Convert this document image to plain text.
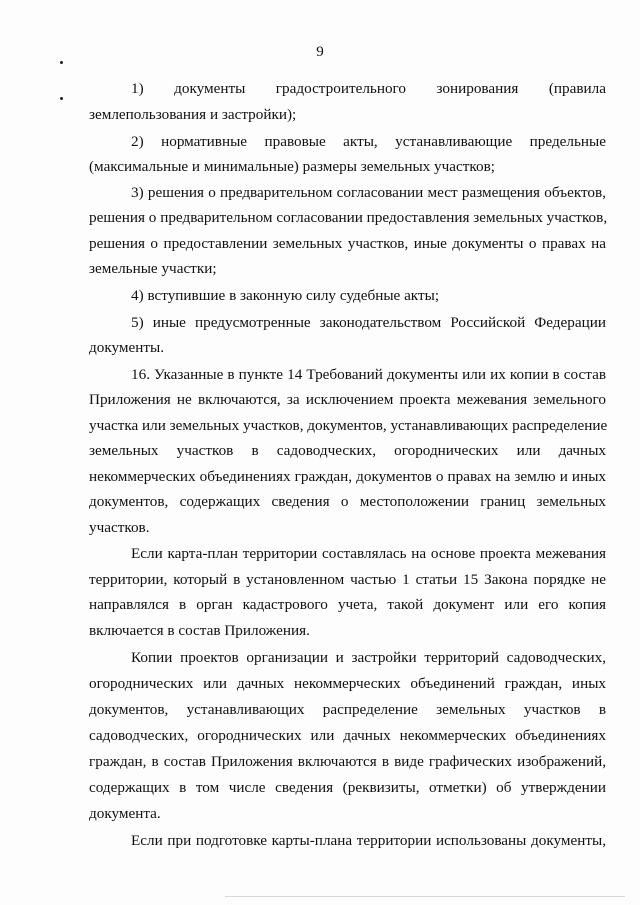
9
1) документы градостроительного зонирования (правила
землепользования и застройки);
2) нормативные правовые акты, устанавливающие предельные
(максимальные и минимальные) размеры земельных участков;
3) решения о предварительном согласовании мест размещения объектов,
решения о предварительном согласовании предоставления земельных участков,
решения о предоставлении земельных участков, иные документы о правах на
земельные участки;
4) вступившие в законную силу судебные акты;
5) иные предусмотренные законодательством Российской Федерации
документы.
16. Указанные в пункте 14 Требований документы или их копии в состав
Приложения не включаются, за исключением проекта межевания земельного
участка или земельных участков, документов, устанавливающих распределение
земельных участков в садоводческих, огороднических или дачных
некоммерческих объединениях граждан, документов о правах на землю и иных
документов, содержащих сведения о местоположении границ земельных
участков.
Если карта-план территории составлялась на основе проекта межевания
территории, который в установленном частью 1 статьи 15 Закона порядке не
направлялся в орган кадастрового учета, такой документ или его копия
включается в состав Приложения.
Копии проектов организации и застройки территорий садоводческих,
огороднических или дачных некоммерческих объединений граждан, иных
документов, устанавливающих распределение земельных участков в
садоводческих, огороднических или дачных некоммерческих объединениях
граждан, в состав Приложения включаются в виде графических изображений,
содержащих в том числе сведения (реквизиты, отметки) об утверждении
документа.
Если при подготовке карты-плана территории использованы документы,
